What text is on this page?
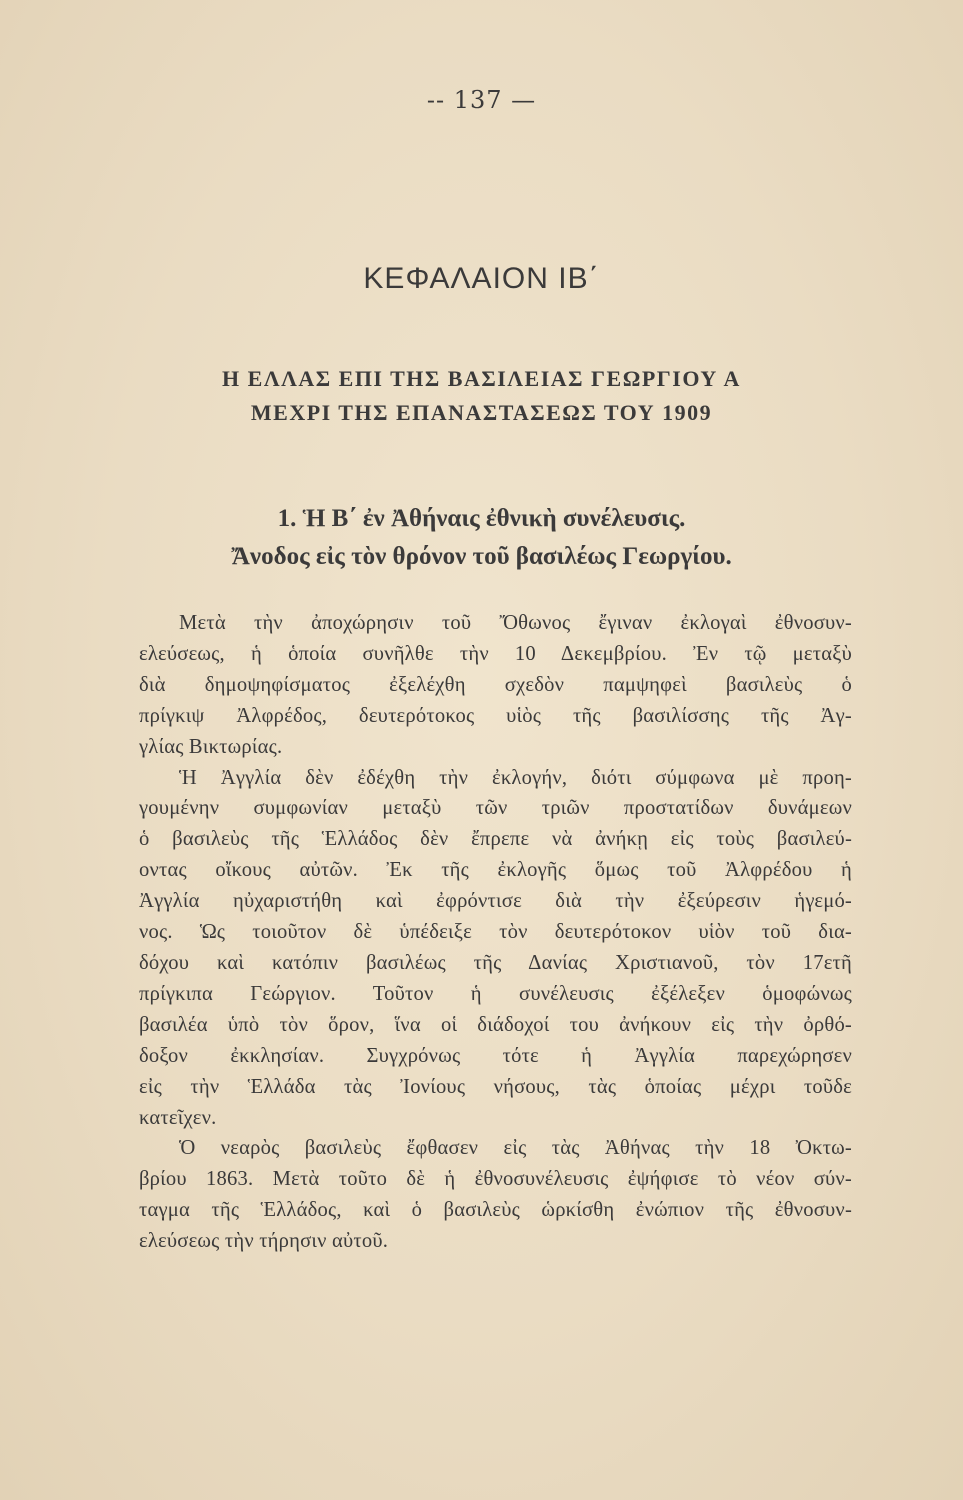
-- 137 —
ΚΕΦΑΛΑΙΟΝ ΙΒ΄
Η ΕΛΛΑΣ ΕΠΙ ΤΗΣ ΒΑΣΙΛΕΙΑΣ ΓΕΩΡΓΙΟΥ Α
ΜΕΧΡΙ ΤΗΣ ΕΠΑΝΑΣΤΑΣΕΩΣ ΤΟΥ 1909
1. Ἡ Β΄ ἐν Ἀθήναις ἐθνικὴ συνέλευσις.
Ἄνοδος εἰς τὸν θρόνον τοῦ βασιλέως Γεωργίου.
Μετὰ τὴν ἀποχώρησιν τοῦ Ὄθωνος ἔγιναν ἐκλογαὶ ἐθνοσυν-
ελεύσεως, ἡ ὁποία συνῆλθε τὴν 10 Δεκεμβρίου. Ἐν τῷ μεταξὺ
διὰ δημοψηφίσματος ἐξελέχθη σχεδὸν παμψηφεὶ βασιλεὺς ὁ
πρίγκιψ Ἀλφρέδος, δευτερότοκος υἱὸς τῆς βασιλίσσης τῆς Ἀγ-
γλίας Βικτωρίας.
Ἡ Ἀγγλία δὲν ἐδέχθη τὴν ἐκλογήν, διότι σύμφωνα μὲ προη-
γουμένην συμφωνίαν μεταξὺ τῶν τριῶν προστατίδων δυνάμεων
ὁ βασιλεὺς τῆς Ἑλλάδος δὲν ἔπρεπε νὰ ἀνήκῃ εἰς τοὺς βασιλεύ-
οντας οἴκους αὐτῶν. Ἐκ τῆς ἐκλογῆς ὅμως τοῦ Ἀλφρέδου ἡ
Ἀγγλία ηὐχαριστήθη καὶ ἐφρόντισε διὰ τὴν ἐξεύρεσιν ἡγεμό-
νος. Ὡς τοιοῦτον δὲ ὑπέδειξε τὸν δευτερότοκον υἱὸν τοῦ δια-
δόχου καὶ κατόπιν βασιλέως τῆς Δανίας Χριστιανοῦ, τὸν 17ετῆ
πρίγκιπα Γεώργιον. Τοῦτον ἡ συνέλευσις ἐξέλεξεν ὁμοφώνως
βασιλέα ὑπὸ τὸν ὅρον, ἵνα οἱ διάδοχοί του ἀνήκουν εἰς τὴν ὀρθό-
δοξον ἐκκλησίαν. Συγχρόνως τότε ἡ Ἀγγλία παρεχώρησεν
εἰς τὴν Ἑλλάδα τὰς Ἰονίους νήσους, τὰς ὁποίας μέχρι τοῦδε
κατεῖχεν.
Ὁ νεαρὸς βασιλεὺς ἔφθασεν εἰς τὰς Ἀθήνας τὴν 18 Ὀκτω-
βρίου 1863. Μετὰ τοῦτο δὲ ἡ ἐθνοσυνέλευσις ἐψήφισε τὸ νέον σύν-
ταγμα τῆς Ἑλλάδος, καὶ ὁ βασιλεὺς ὡρκίσθη ἐνώπιον τῆς ἐθνοσυν-
ελεύσεως τὴν τήρησιν αὐτοῦ.
